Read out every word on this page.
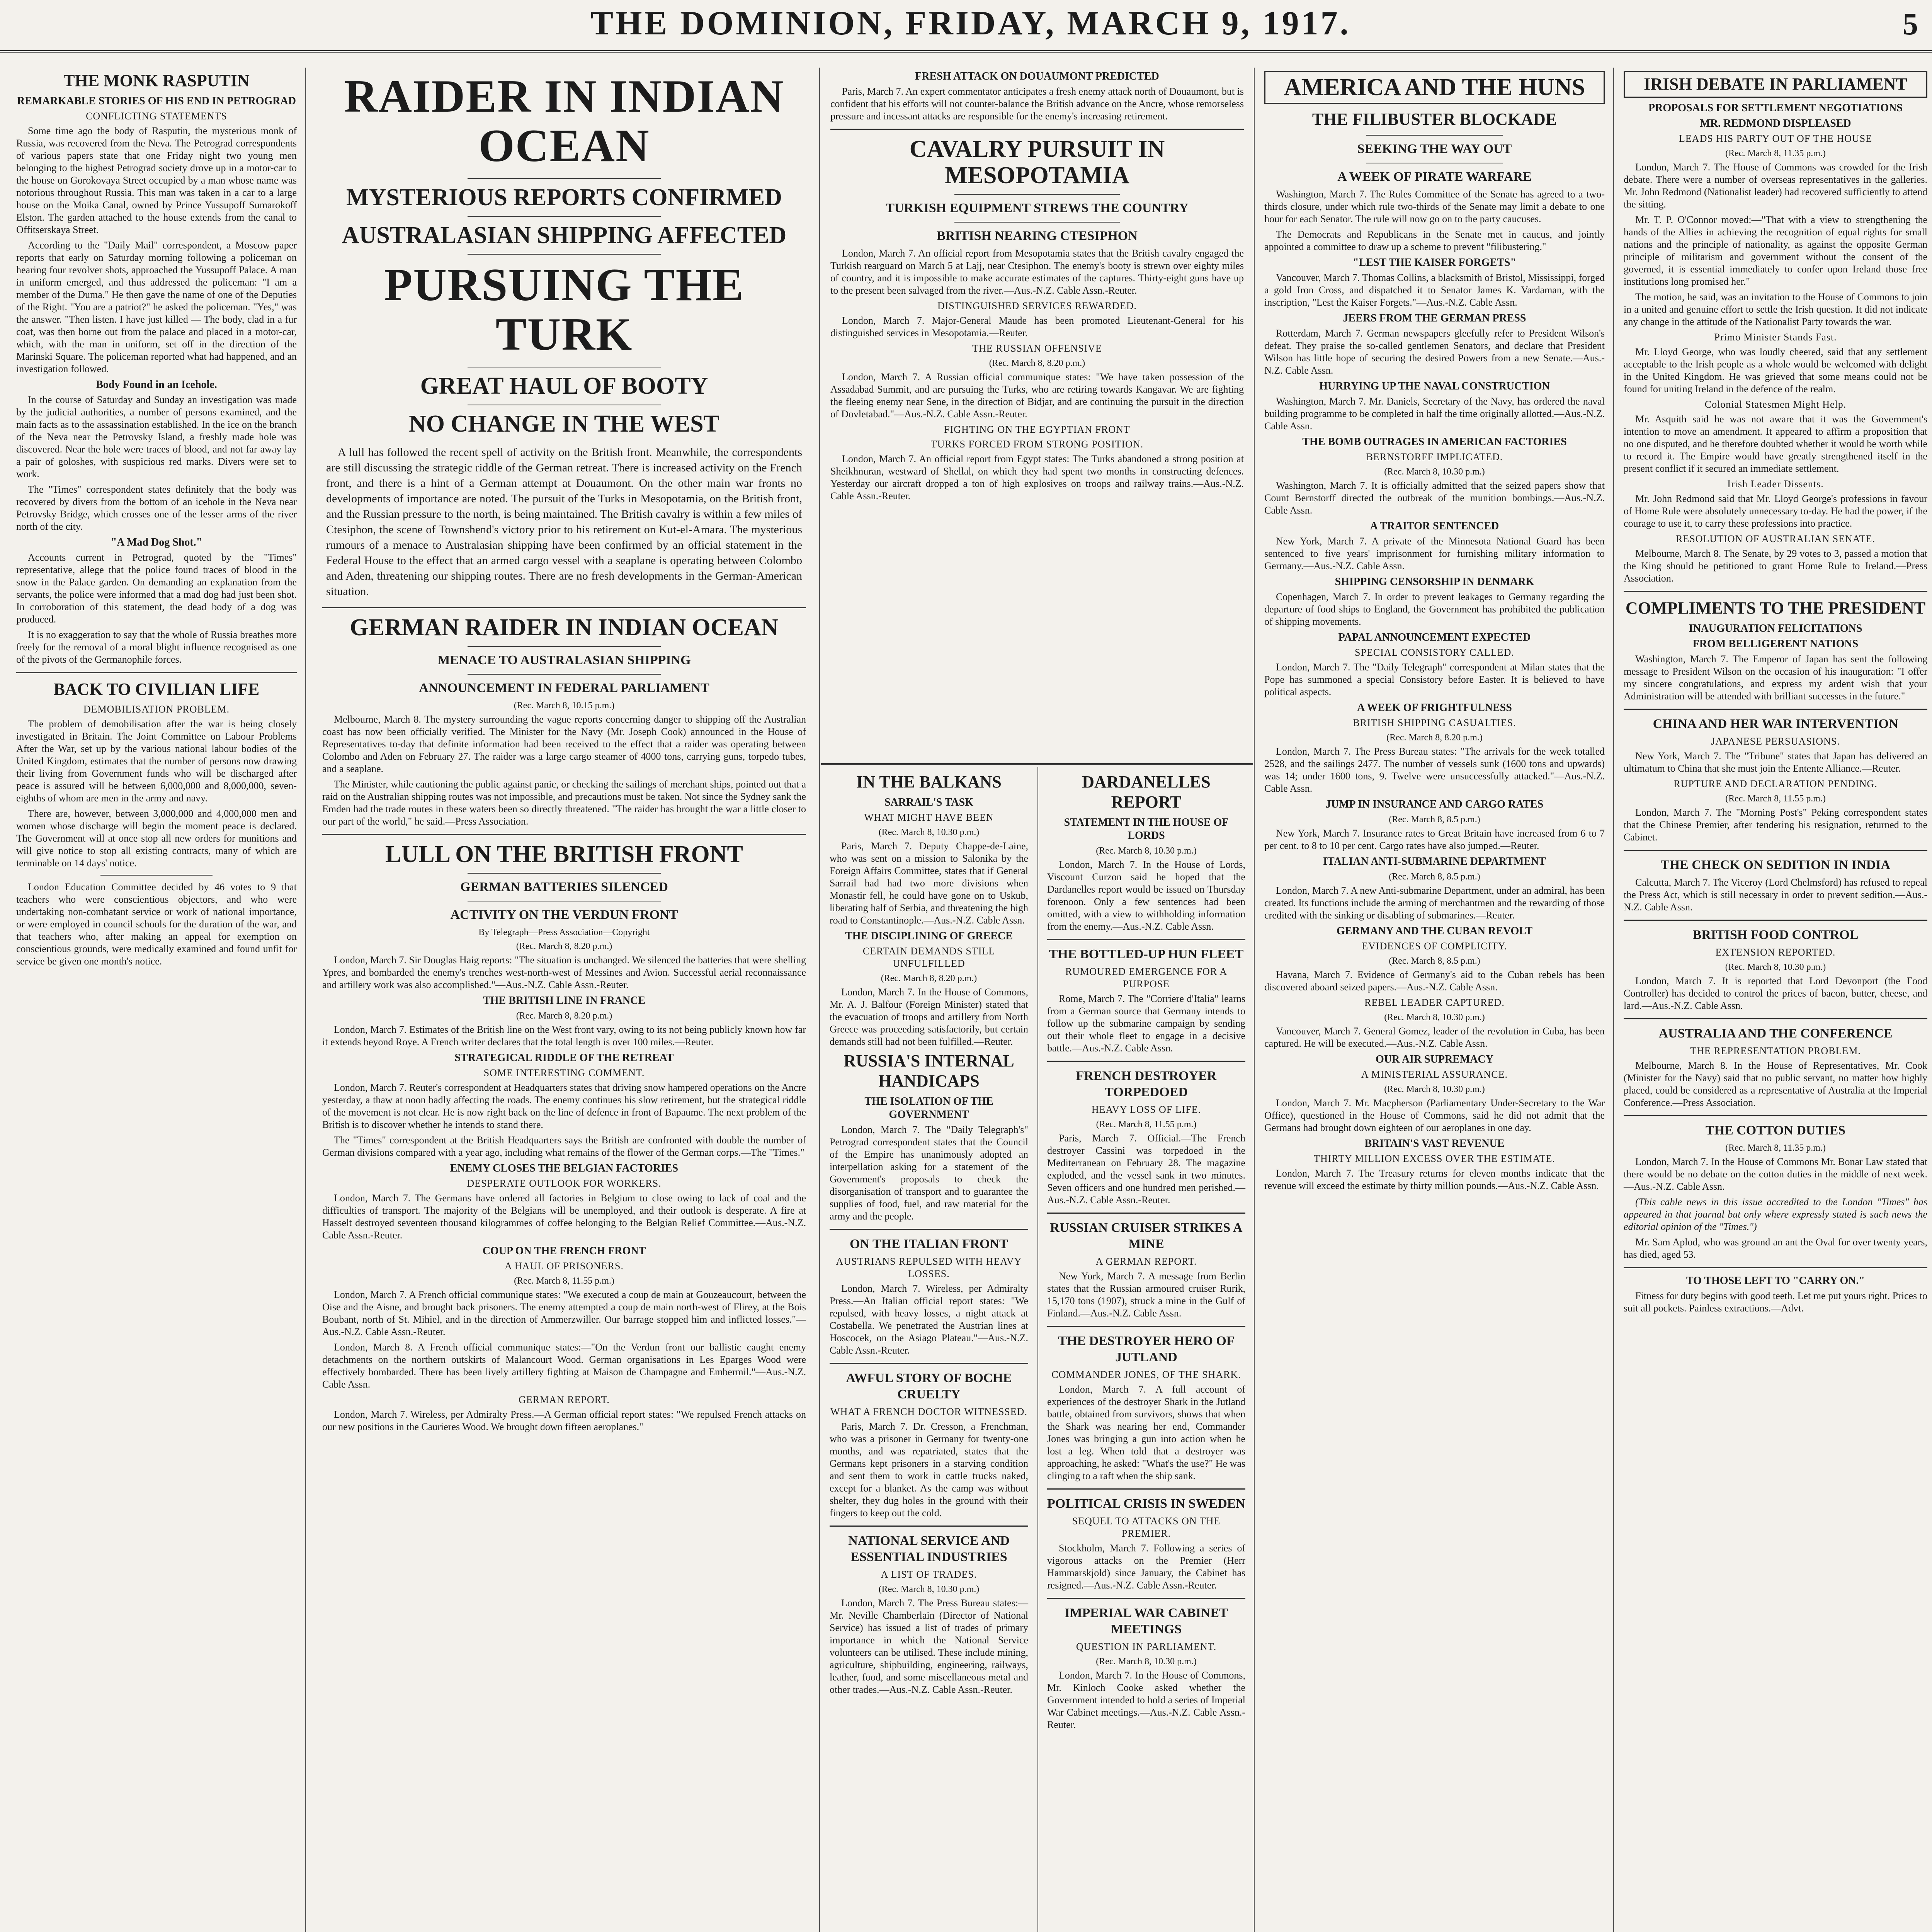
THE DOMINION, FRIDAY, MARCH 9, 1917.	5
THE MONK RASPUTIN
REMARKABLE STORIES OF HIS END IN PETROGRAD
CONFLICTING STATEMENTS

Some time ago the body of Rasputin, the mysterious monk of Russia, was recovered from the Neva. The Petrograd correspondents of various papers state that one Friday night two young men belonging to the highest Petrograd society drove up in a motor-car to the house on Gorokovaya Street occupied by a man whose name was notorious throughout Russia. This man was taken in a car to a large house on the Moika Canal, owned by Prince Yussupoff Sumarokoff Elston. The garden attached to the house extends from the canal to Offitserskaya Street.

According to the "Daily Mail" correspondent, a Moscow paper reports that early on Saturday morning following a policeman on hearing four revolver shots, approached the Yussupoff Palace. A man in uniform emerged, and thus addressed the policeman: "I am a member of the Duma." He then gave the name of one of the Deputies of the Right. "You are a patriot?" he asked the policeman. "Yes," was the answer. "Then listen. I have just killed — The body, clad in a fur coat, was then borne out from the palace and placed in a motor-car, which, with the man in uniform, set off in the direction of the Marinski Square. The policeman reported what had happened, and an investigation followed.

Body Found in an Icehole.

In the course of Saturday and Sunday an investigation was made by the judicial authorities, a number of persons examined, and the main facts as to the assassination established. In the ice on the branch of the Neva near the Petrovsky Island, a freshly made hole was discovered. Near the hole were traces of blood, and not far away lay a pair of goloshes, with suspicious red marks. Divers were set to work.

The "Times" correspondent states definitely that the body was recovered by divers from the bottom of an icehole in the Neva near Petrovsky Bridge, which crosses one of the lesser arms of the river north of the city.

"A Mad Dog Shot."

Accounts current in Petrograd, quoted by the "Times" representative, allege that the police found traces of blood in the snow in the Palace garden. On demanding an explanation from the servants, the police were informed that a mad dog had just been shot. In corroboration of this statement, the dead body of a dog was produced.

It is no exaggeration to say that the whole of Russia breathes more freely for the removal of a moral blight influence recognised as one of the pivots of the Germanophile forces.

BACK TO CIVILIAN LIFE
DEMOBILISATION PROBLEM.

The problem of demobilisation after the war is being closely investigated in Britain. The Joint Committee on Labour Problems After the War, set up by the various national labour bodies of the United Kingdom, estimates that the number of persons now drawing their living from Government funds who will be discharged after peace is assured will be between 6,000,000 and 8,000,000, seven-eighths of whom are men in the army and navy.

There are, however, between 3,000,000 and 4,000,000 men and women whose discharge will begin the moment peace is declared. The Government will at once stop all new orders for munitions and will give notice to stop all existing contracts, many of which are terminable on 14 days' notice.

London Education Committee decided by 46 votes to 9 that teachers who were conscientious objectors, and who were undertaking non-combatant service or work of national importance, or were employed in council schools for the duration of the war, and that teachers who, after making an appeal for exemption on conscientious grounds, were medically examined and found unfit for service be given one month's notice.

RAIDER IN INDIAN OCEAN
MYSTERIOUS REPORTS CONFIRMED
AUSTRALASIAN SHIPPING AFFECTED
PURSUING THE TURK
GREAT HAUL OF BOOTY
NO CHANGE IN THE WEST

A lull has followed the recent spell of activity on the British front. Meanwhile, the correspondents are still discussing the strategic riddle of the German retreat. There is increased activity on the French front, and there is a hint of a German attempt at Douaumont. On the other main war fronts no developments of importance are noted. The pursuit of the Turks in Mesopotamia, on the British front, and the Russian pressure to the north, is being maintained. The British cavalry is within a few miles of Ctesiphon, the scene of Townshend's victory prior to his retirement on Kut-el-Amara. The mysterious rumours of a menace to Australasian shipping have been confirmed by an official statement in the Federal House to the effect that an armed cargo vessel with a seaplane is operating between Colombo and Aden, threatening our shipping routes. There are no fresh developments in the German-American situation.

GERMAN RAIDER IN INDIAN OCEAN
MENACE TO AUSTRALASIAN SHIPPING
ANNOUNCEMENT IN FEDERAL PARLIAMENT
(Rec. March 8, 10.15 p.m.)

Melbourne, March 8. The mystery surrounding the vague reports concerning danger to shipping off the Australian coast has now been officially verified. The Minister for the Navy (Mr. Joseph Cook) announced in the House of Representatives to-day that definite information had been received to the effect that a raider was operating between Colombo and Aden on February 27. The raider was a large cargo steamer of 4000 tons, carrying guns, torpedo tubes, and a seaplane.

The Minister, while cautioning the public against panic, or checking the sailings of merchant ships, pointed out that a raid on the Australian shipping routes was not impossible, and precautions must be taken. Not since the Sydney sank the Emden had the trade routes in these waters been so directly threatened. "The raider has brought the war a little closer to our part of the world," he said.—Press Association.

LULL ON THE BRITISH FRONT
GERMAN BATTERIES SILENCED
ACTIVITY ON THE VERDUN FRONT
By Telegraph—Press Association—Copyright
(Rec. March 8, 8.20 p.m.)

London, March 7. Sir Douglas Haig reports: "The situation is unchanged. We silenced the batteries that were shelling Ypres, and bombarded the enemy's trenches west-north-west of Messines and Avion. Successful aerial reconnaissance and artillery work was also accomplished."—Aus.-N.Z. Cable Assn.-Reuter.

THE BRITISH LINE IN FRANCE
(Rec. March 8, 8.20 p.m.)

London, March 7. Estimates of the British line on the West front vary, owing to its not being publicly known how far it extends beyond Roye. A French writer declares that the total length is over 100 miles.—Reuter.

STRATEGICAL RIDDLE OF THE RETREAT
SOME INTERESTING COMMENT.

London, March 7. Reuter's correspondent at Headquarters states that driving snow hampered operations on the Ancre yesterday, a thaw at noon badly affecting the roads. The enemy continues his slow retirement, but the strategical riddle of the movement is not clear. He is now right back on the line of defence in front of Bapaume. The next problem of the British is to discover whether he intends to stand there.

The "Times" correspondent at the British Headquarters says the British are confronted with double the number of German divisions compared with a year ago, including what remains of the flower of the German corps.—The "Times."

ENEMY CLOSES THE BELGIAN FACTORIES
DESPERATE OUTLOOK FOR WORKERS.

London, March 7. The Germans have ordered all factories in Belgium to close owing to lack of coal and the difficulties of transport. The majority of the Belgians will be unemployed, and their outlook is desperate. A fire at Hasselt destroyed seventeen thousand kilogrammes of coffee belonging to the Belgian Relief Committee.—Aus.-N.Z. Cable Assn.-Reuter.

COUP ON THE FRENCH FRONT
A HAUL OF PRISONERS.
(Rec. March 8, 11.55 p.m.)

London, March 7. A French official communique states: "We executed a coup de main at Gouzeaucourt, between the Oise and the Aisne, and brought back prisoners. The enemy attempted a coup de main north-west of Flirey, at the Bois Boubant, north of St. Mihiel, and in the direction of Ammerzwiller. Our barrage stopped him and inflicted losses."—Aus.-N.Z. Cable Assn.-Reuter.

London, March 8. A French official communique states:—"On the Verdun front our ballistic caught enemy detachments on the northern outskirts of Malancourt Wood. German organisations in Les Eparges Wood were effectively bombarded. There has been lively artillery fighting at Maison de Champagne and Embermil."—Aus.-N.Z. Cable Assn.

GERMAN REPORT.

London, March 7. Wireless, per Admiralty Press.—A German official report states: "We repulsed French attacks on our new positions in the Caurieres Wood. We brought down fifteen aeroplanes."

FRESH ATTACK ON DOUAUMONT PREDICTED

Paris, March 7. An expert commentator anticipates a fresh enemy attack north of Douaumont, but is confident that his efforts will not counter-balance the British advance on the Ancre, whose remorseless pressure and incessant attacks are responsible for the enemy's increasing retirement.

CAVALRY PURSUIT IN MESOPOTAMIA
TURKISH EQUIPMENT STREWS THE COUNTRY
BRITISH NEARING CTESIPHON

London, March 7. An official report from Mesopotamia states that the British cavalry engaged the Turkish rearguard on March 5 at Lajj, near Ctesiphon. The enemy's booty is strewn over eighty miles of country, and it is impossible to make accurate estimates of the captures. Thirty-eight guns have up to the present been salvaged from the river.—Aus.-N.Z. Cable Assn.-Reuter.

DISTINGUISHED SERVICES REWARDED.

London, March 7. Major-General Maude has been promoted Lieutenant-General for his distinguished services in Mesopotamia.—Reuter.

THE RUSSIAN OFFENSIVE
(Rec. March 8, 8.20 p.m.)

London, March 7. A Russian official communique states: "We have taken possession of the Assadabad Summit, and are pursuing the Turks, who are retiring towards Kangavar. We are fighting the fleeing enemy near Sene, in the direction of Bidjar, and are continuing the pursuit in the direction of Dovletabad."—Aus.-N.Z. Cable Assn.-Reuter.

FIGHTING ON THE EGYPTIAN FRONT
TURKS FORCED FROM STRONG POSITION.

London, March 7. An official report from Egypt states: The Turks abandoned a strong position at Sheikhnuran, westward of Shellal, on which they had spent two months in constructing defences. Yesterday our aircraft dropped a ton of high explosives on troops and railway trains.—Aus.-N.Z. Cable Assn.-Reuter.

IN THE BALKANS
SARRAIL'S TASK
WHAT MIGHT HAVE BEEN
(Rec. March 8, 10.30 p.m.)

Paris, March 7. Deputy Chappe-de-Laine, who was sent on a mission to Salonika by the Foreign Affairs Committee, states that if General Sarrail had had two more divisions when Monastir fell, he could have gone on to Uskub, liberating half of Serbia, and threatening the high road to Constantinople.—Aus.-N.Z. Cable Assn.

THE DISCIPLINING OF GREECE
CERTAIN DEMANDS STILL UNFULFILLED
(Rec. March 8, 8.20 p.m.)

London, March 7. In the House of Commons, Mr. A. J. Balfour (Foreign Minister) stated that the evacuation of troops and artillery from North Greece was proceeding satisfactorily, but certain demands still had not been fulfilled.—Reuter.

RUSSIA'S INTERNAL HANDICAPS
THE ISOLATION OF THE GOVERNMENT

London, March 7. The "Daily Telegraph's" Petrograd correspondent states that the Council of the Empire has unanimously adopted an interpellation asking for a statement of the Government's proposals to check the disorganisation of transport and to guarantee the supplies of food, fuel, and raw material for the army and the people.

ON THE ITALIAN FRONT
AUSTRIANS REPULSED WITH HEAVY LOSSES.

London, March 7. Wireless, per Admiralty Press.—An Italian official report states: "We repulsed, with heavy losses, a night attack at Costabella. We penetrated the Austrian lines at Hoscocek, on the Asiago Plateau."—Aus.-N.Z. Cable Assn.-Reuter.

AWFUL STORY OF BOCHE CRUELTY
WHAT A FRENCH DOCTOR WITNESSED.

Paris, March 7. Dr. Cresson, a Frenchman, who was a prisoner in Germany for twenty-one months, and was repatriated, states that the Germans kept prisoners in a starving condition and sent them to work in cattle trucks naked, except for a blanket. As the camp was without shelter, they dug holes in the ground with their fingers to keep out the cold.

NATIONAL SERVICE AND ESSENTIAL INDUSTRIES
A LIST OF TRADES.
(Rec. March 8, 10.30 p.m.)

London, March 7. The Press Bureau states:—Mr. Neville Chamberlain (Director of National Service) has issued a list of trades of primary importance in which the National Service volunteers can be utilised. These include mining, agriculture, shipbuilding, engineering, railways, leather, food, and some miscellaneous metal and other trades.—Aus.-N.Z. Cable Assn.-Reuter.

DARDANELLES REPORT
STATEMENT IN THE HOUSE OF LORDS
(Rec. March 8, 10.30 p.m.)

London, March 7. In the House of Lords, Viscount Curzon said he hoped that the Dardanelles report would be issued on Thursday forenoon. Only a few sentences had been omitted, with a view to withholding information from the enemy.—Aus.-N.Z. Cable Assn.

THE BOTTLED-UP HUN FLEET
RUMOURED EMERGENCE FOR A PURPOSE

Rome, March 7. The "Corriere d'Italia" learns from a German source that Germany intends to follow up the submarine campaign by sending out their whole fleet to engage in a decisive battle.—Aus.-N.Z. Cable Assn.

FRENCH DESTROYER TORPEDOED
HEAVY LOSS OF LIFE.
(Rec. March 8, 11.55 p.m.)

Paris, March 7. Official.—The French destroyer Cassini was torpedoed in the Mediterranean on February 28. The magazine exploded, and the vessel sank in two minutes. Seven officers and one hundred men perished.—Aus.-N.Z. Cable Assn.-Reuter.

RUSSIAN CRUISER STRIKES A MINE
A GERMAN REPORT.

New York, March 7. A message from Berlin states that the Russian armoured cruiser Rurik, 15,170 tons (1907), struck a mine in the Gulf of Finland.—Aus.-N.Z. Cable Assn.

THE DESTROYER HERO OF JUTLAND
COMMANDER JONES, OF THE SHARK.

London, March 7. A full account of experiences of the destroyer Shark in the Jutland battle, obtained from survivors, shows that when the Shark was nearing her end, Commander Jones was bringing a gun into action when he lost a leg. When told that a destroyer was approaching, he asked: "What's the use?" He was clinging to a raft when the ship sank.

POLITICAL CRISIS IN SWEDEN
SEQUEL TO ATTACKS ON THE PREMIER.

Stockholm, March 7. Following a series of vigorous attacks on the Premier (Herr Hammarskjold) since January, the Cabinet has resigned.—Aus.-N.Z. Cable Assn.-Reuter.

IMPERIAL WAR CABINET MEETINGS
QUESTION IN PARLIAMENT.
(Rec. March 8, 10.30 p.m.)

London, March 7. In the House of Commons, Mr. Kinloch Cooke asked whether the Government intended to hold a series of Imperial War Cabinet meetings.—Aus.-N.Z. Cable Assn.-Reuter.

AMERICA AND THE HUNS
THE FILIBUSTER BLOCKADE
SEEKING THE WAY OUT
A WEEK OF PIRATE WARFARE

Washington, March 7. The Rules Committee of the Senate has agreed to a two-thirds closure, under which rule two-thirds of the Senate may limit a debate to one hour for each Senator. The rule will now go on to the party caucuses.

The Democrats and Republicans in the Senate met in caucus, and jointly appointed a committee to draw up a scheme to prevent "filibustering."

"LEST THE KAISER FORGETS"

Vancouver, March 7. Thomas Collins, a blacksmith of Bristol, Mississippi, forged a gold Iron Cross, and dispatched it to Senator James K. Vardaman, with the inscription, "Lest the Kaiser Forgets."—Aus.-N.Z. Cable Assn.

JEERS FROM THE GERMAN PRESS

Rotterdam, March 7. German newspapers gleefully refer to President Wilson's defeat. They praise the so-called gentlemen Senators, and declare that President Wilson has little hope of securing the desired Powers from a new Senate.—Aus.-N.Z. Cable Assn.

HURRYING UP THE NAVAL CONSTRUCTION

Washington, March 7. Mr. Daniels, Secretary of the Navy, has ordered the naval building programme to be completed in half the time originally allotted.—Aus.-N.Z. Cable Assn.

THE BOMB OUTRAGES IN AMERICAN FACTORIES
BERNSTORFF IMPLICATED.
(Rec. March 8, 10.30 p.m.)

Washington, March 7. It is officially admitted that the seized papers show that Count Bernstorff directed the outbreak of the munition bombings.—Aus.-N.Z. Cable Assn.

A TRAITOR SENTENCED

New York, March 7. A private of the Minnesota National Guard has been sentenced to five years' imprisonment for furnishing military information to Germany.—Aus.-N.Z. Cable Assn.

SHIPPING CENSORSHIP IN DENMARK

Copenhagen, March 7. In order to prevent leakages to Germany regarding the departure of food ships to England, the Government has prohibited the publication of shipping movements.

PAPAL ANNOUNCEMENT EXPECTED
SPECIAL CONSISTORY CALLED.

London, March 7. The "Daily Telegraph" correspondent at Milan states that the Pope has summoned a special Consistory before Easter. It is believed to have political aspects.

A WEEK OF FRIGHTFULNESS
BRITISH SHIPPING CASUALTIES.
(Rec. March 8, 8.20 p.m.)

London, March 7. The Press Bureau states: "The arrivals for the week totalled 2528, and the sailings 2477. The number of vessels sunk (1600 tons and upwards) was 14; under 1600 tons, 9. Twelve were unsuccessfully attacked."—Aus.-N.Z. Cable Assn.

JUMP IN INSURANCE AND CARGO RATES
(Rec. March 8, 8.5 p.m.)

New York, March 7. Insurance rates to Great Britain have increased from 6 to 7 per cent. to 8 to 10 per cent. Cargo rates have also jumped.—Reuter.

ITALIAN ANTI-SUBMARINE DEPARTMENT
(Rec. March 8, 8.5 p.m.)

London, March 7. A new Anti-submarine Department, under an admiral, has been created. Its functions include the arming of merchantmen and the rewarding of those credited with the sinking or disabling of submarines.—Reuter.

GERMANY AND THE CUBAN REVOLT
EVIDENCES OF COMPLICITY.
(Rec. March 8, 8.5 p.m.)

Havana, March 7. Evidence of Germany's aid to the Cuban rebels has been discovered aboard seized papers.—Aus.-N.Z. Cable Assn.

REBEL LEADER CAPTURED.
(Rec. March 8, 10.30 p.m.)

Vancouver, March 7. General Gomez, leader of the revolution in Cuba, has been captured. He will be executed.—Aus.-N.Z. Cable Assn.

OUR AIR SUPREMACY
A MINISTERIAL ASSURANCE.
(Rec. March 8, 10.30 p.m.)

London, March 7. Mr. Macpherson (Parliamentary Under-Secretary to the War Office), questioned in the House of Commons, said he did not admit that the Germans had brought down eighteen of our aeroplanes in one day.

BRITAIN'S VAST REVENUE
THIRTY MILLION EXCESS OVER THE ESTIMATE.

London, March 7. The Treasury returns for eleven months indicate that the revenue will exceed the estimate by thirty million pounds.—Aus.-N.Z. Cable Assn.

IRISH DEBATE IN PARLIAMENT
PROPOSALS FOR SETTLEMENT NEGOTIATIONS
MR. REDMOND DISPLEASED
LEADS HIS PARTY OUT OF THE HOUSE
(Rec. March 8, 11.35 p.m.)

London, March 7. The House of Commons was crowded for the Irish debate. There were a number of overseas representatives in the galleries. Mr. John Redmond (Nationalist leader) had recovered sufficiently to attend the sitting.

Mr. T. P. O'Connor moved:—"That with a view to strengthening the hands of the Allies in achieving the recognition of equal rights for small nations and the principle of nationality, as against the opposite German principle of militarism and government without the consent of the governed, it is essential immediately to confer upon Ireland those free institutions long promised her."

The motion, he said, was an invitation to the House of Commons to join in a united and genuine effort to settle the Irish question. It did not indicate any change in the attitude of the Nationalist Party towards the war.

Primo Minister Stands Fast.

Mr. Lloyd George, who was loudly cheered, said that any settlement acceptable to the Irish people as a whole would be welcomed with delight in the United Kingdom. He was grieved that some means could not be found for uniting Ireland in the defence of the realm.

Colonial Statesmen Might Help.

Mr. Asquith said he was not aware that it was the Government's intention to move an amendment. It appeared to affirm a proposition that no one disputed, and he therefore doubted whether it would be worth while to record it. The Empire would have greatly strengthened itself in the present conflict if it secured an immediate settlement.

Irish Leader Dissents.

Mr. John Redmond said that Mr. Lloyd George's professions in favour of Home Rule were absolutely unnecessary to-day. He had the power, if the courage to use it, to carry these professions into practice.

RESOLUTION OF AUSTRALIAN SENATE.

Melbourne, March 8. The Senate, by 29 votes to 3, passed a motion that the King should be petitioned to grant Home Rule to Ireland.—Press Association.

COMPLIMENTS TO THE PRESIDENT
INAUGURATION FELICITATIONS
FROM BELLIGERENT NATIONS

Washington, March 7. The Emperor of Japan has sent the following message to President Wilson on the occasion of his inauguration: "I offer my sincere congratulations, and express my ardent wish that your Administration will be attended with brilliant successes in the future."

CHINA AND HER WAR INTERVENTION
JAPANESE PERSUASIONS.

New York, March 7. The "Tribune" states that Japan has delivered an ultimatum to China that she must join the Entente Alliance.—Reuter.

RUPTURE AND DECLARATION PENDING.
(Rec. March 8, 11.55 p.m.)

London, March 7. The "Morning Post's" Peking correspondent states that the Chinese Premier, after tendering his resignation, returned to the Cabinet.

THE CHECK ON SEDITION IN INDIA

Calcutta, March 7. The Viceroy (Lord Chelmsford) has refused to repeal the Press Act, which is still necessary in order to prevent sedition.—Aus.-N.Z. Cable Assn.

BRITISH FOOD CONTROL
EXTENSION REPORTED.
(Rec. March 8, 10.30 p.m.)

London, March 7. It is reported that Lord Devonport (the Food Controller) has decided to control the prices of bacon, butter, cheese, and lard.—Aus.-N.Z. Cable Assn.

AUSTRALIA AND THE CONFERENCE
THE REPRESENTATION PROBLEM.

Melbourne, March 8. In the House of Representatives, Mr. Cook (Minister for the Navy) said that no public servant, no matter how highly placed, could be considered as a representative of Australia at the Imperial Conference.—Press Association.

THE COTTON DUTIES
(Rec. March 8, 11.35 p.m.)

London, March 7. In the House of Commons Mr. Bonar Law stated that there would be no debate on the cotton duties in the middle of next week.—Aus.-N.Z. Cable Assn.

(This cable news in this issue accredited to the London "Times" has appeared in that journal but only where expressly stated is such news the editorial opinion of the "Times.")

Mr. Sam Aplod, who was ground an ant the Oval for over twenty years, has died, aged 53.

TO THOSE LEFT TO "CARRY ON."

Fitness for duty begins with good teeth. Let me put yours right. Prices to suit all pockets. Painless extractions.—Advt.
